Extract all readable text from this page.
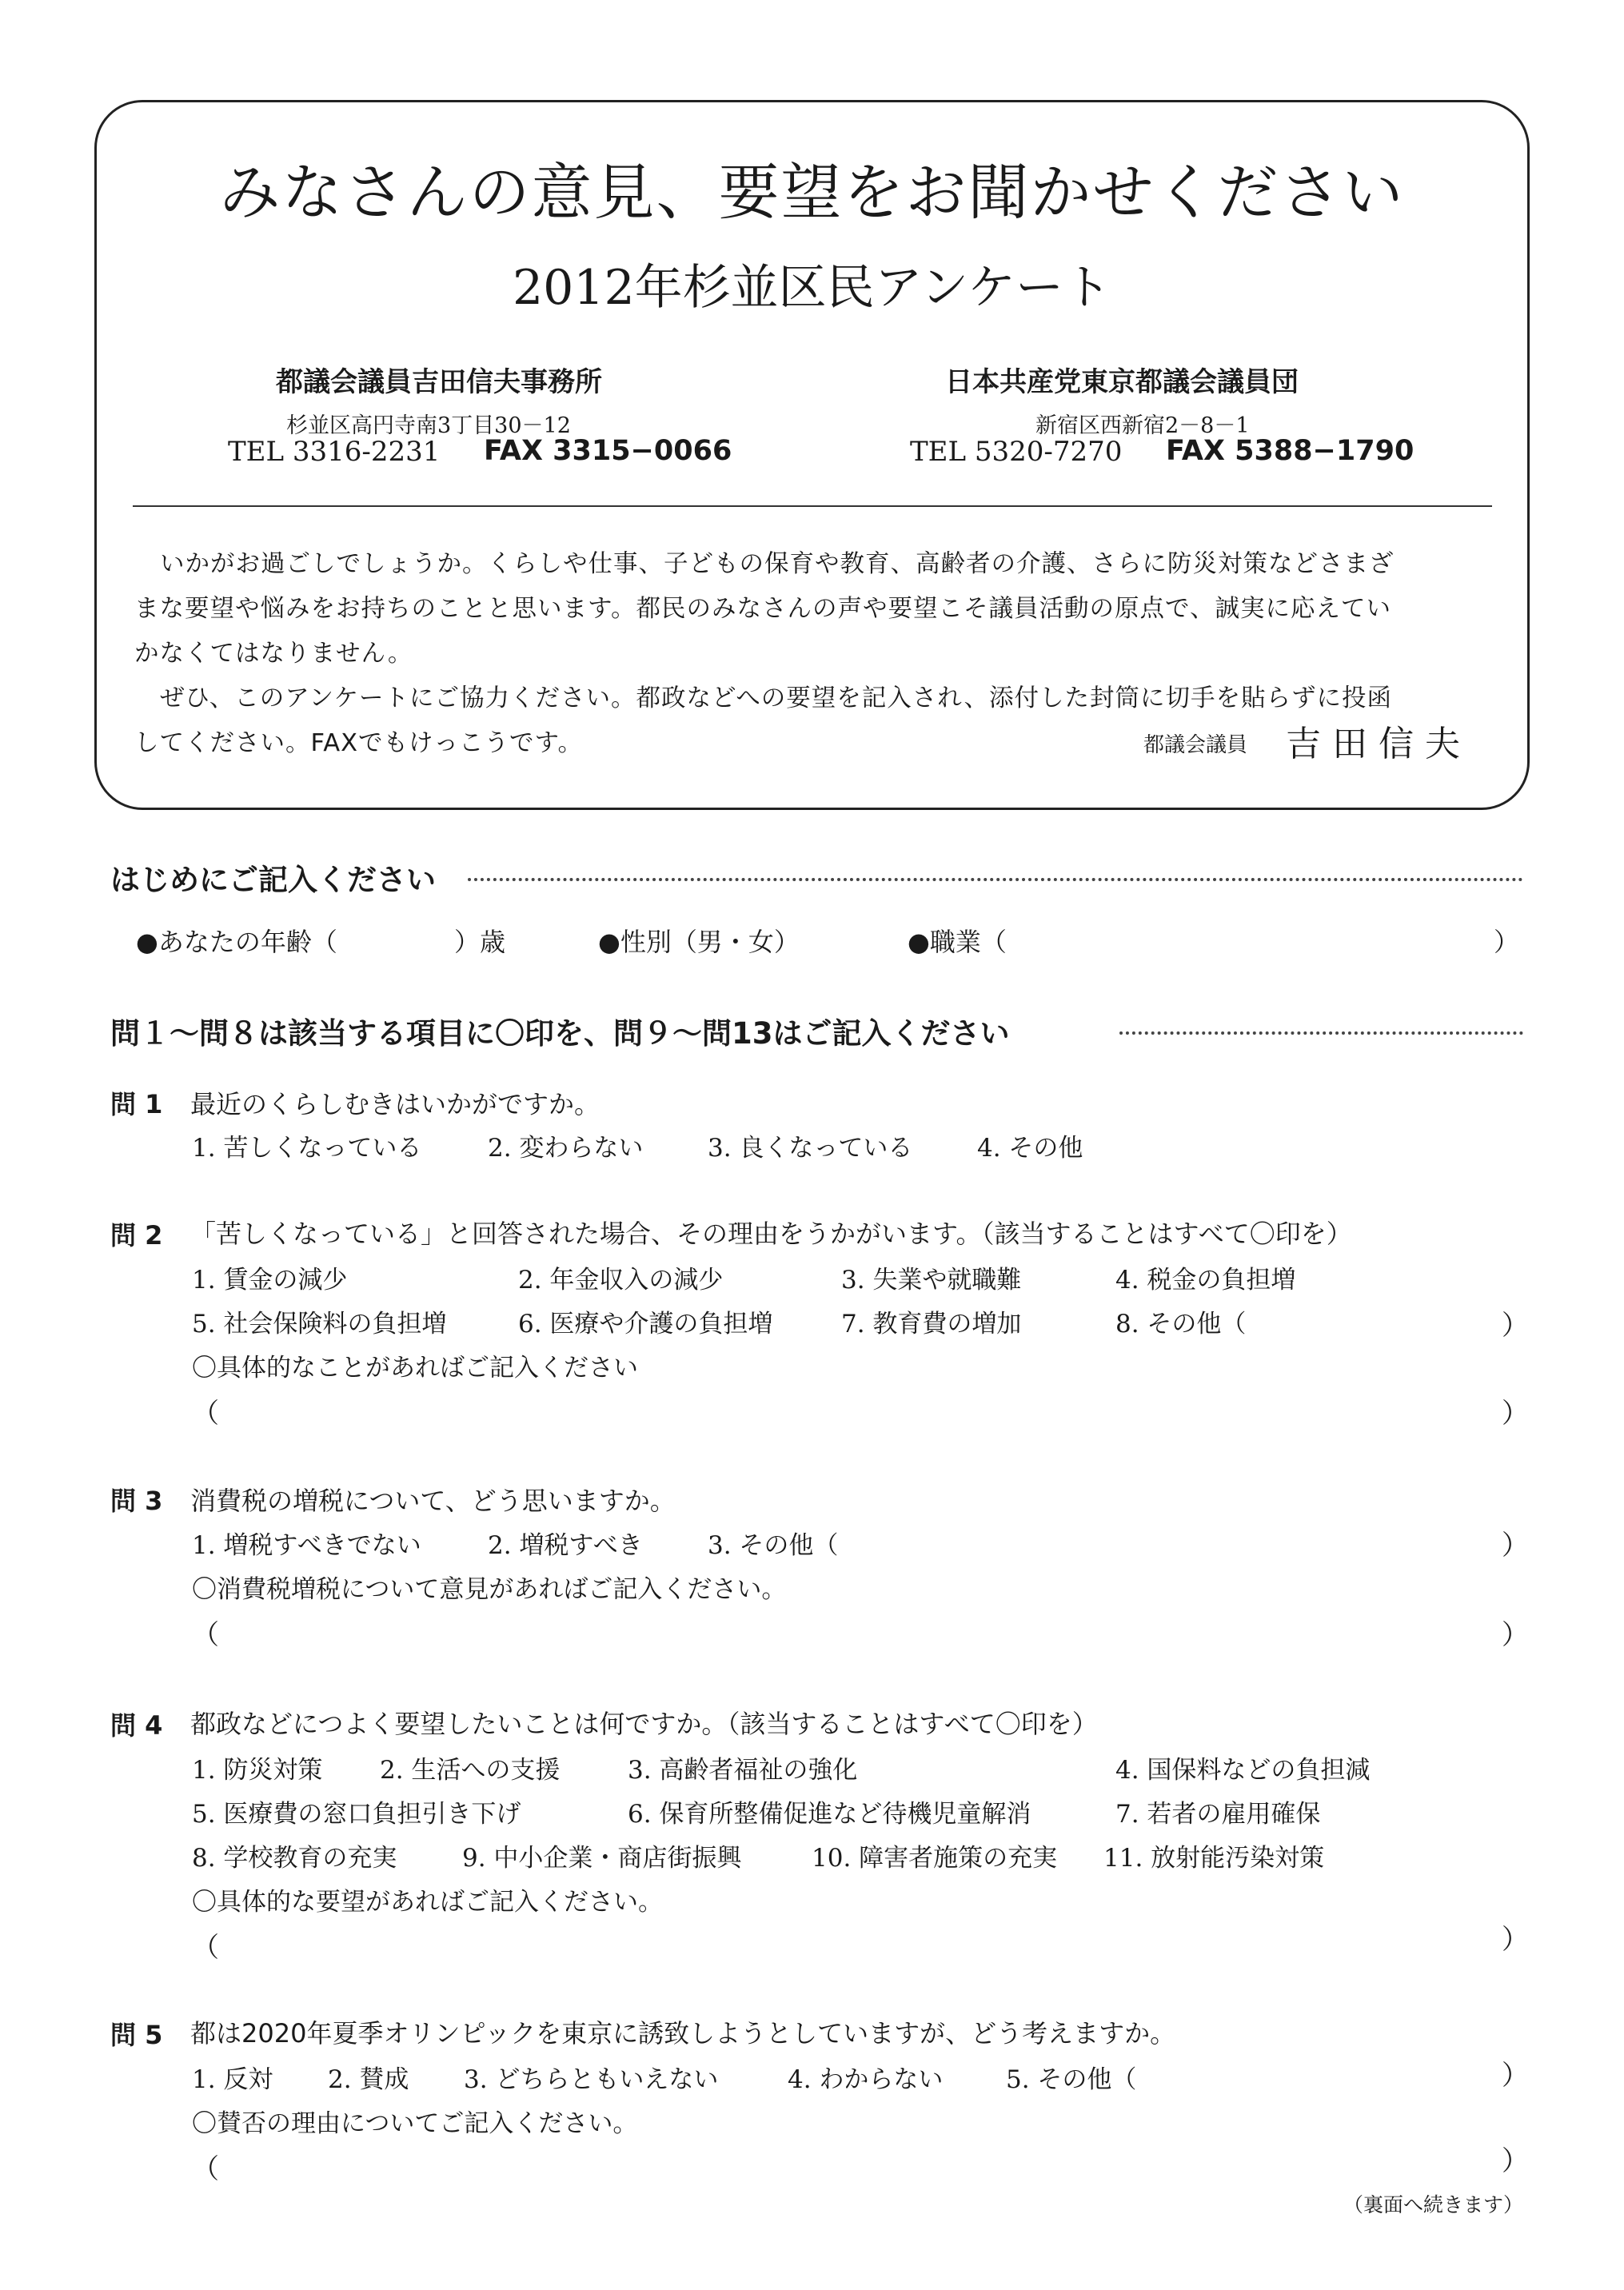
みなさんの意見、要望をお聞かせください
2012年杉並区民アンケート
都議会議員吉田信夫事務所
杉並区高円寺南3丁目30－12
TEL 3316-2231 FAX 3315−0066
日本共産党東京都議会議員団
新宿区西新宿2－8－1
TEL 5320-7270 FAX 5388−1790
いかがお過ごしでしょうか。くらしや仕事、子どもの保育や教育、高齢者の介護、さらに防災対策などさまざ
まな要望や悩みをお持ちのことと思います。都民のみなさんの声や要望こそ議員活動の原点で、誠実に応えてい
かなくてはなりません。
ぜひ、このアンケートにご協力ください。都政などへの要望を記入され、添付した封筒に切手を貼らずに投函
してください。FAXでもけっこうです。	都議会議員 吉田信夫
はじめにご記入ください
●あなたの年齢（	）歳	●性別（男・女）	●職業（	）
問１～問８は該当する項目に〇印を、問９～問13はご記入ください
問 1 最近のくらしむきはいかがですか。
1. 苦しくなっている	2. 変わらない	3. 良くなっている	4. その他
問 2 「苦しくなっている」と回答された場合、その理由をうかがいます。（該当することはすべて〇印を）
1. 賃金の減少	2. 年金収入の減少	3. 失業や就職難	4. 税金の負担増
5. 社会保険料の負担増	6. 医療や介護の負担増	7. 教育費の増加	8. その他（	）
〇具体的なことがあればご記入ください
（	）
問 3 消費税の増税について、どう思いますか。
1. 増税すべきでない	2. 増税すべき	3. その他（	）
〇消費税増税について意見があればご記入ください。
（	）
問 4 都政などにつよく要望したいことは何ですか。（該当することはすべて〇印を）
1. 防災対策 2. 生活への支援	3. 高齢者福祉の強化	4. 国保料などの負担減
5. 医療費の窓口負担引き下げ	6. 保育所整備促進など待機児童解消	7. 若者の雇用確保
8. 学校教育の充実	9. 中小企業・商店街振興	10. 障害者施策の充実 11. 放射能汚染対策
〇具体的な要望があればご記入ください。
（	）
問 5 都は2020年夏季オリンピックを東京に誘致しようとしていますが、どう考えますか。
1. 反対 2. 賛成 3. どちらともいえない	4. わからない	5. その他（	）
〇賛否の理由についてご記入ください。
（	）
（裏面へ続きます）
